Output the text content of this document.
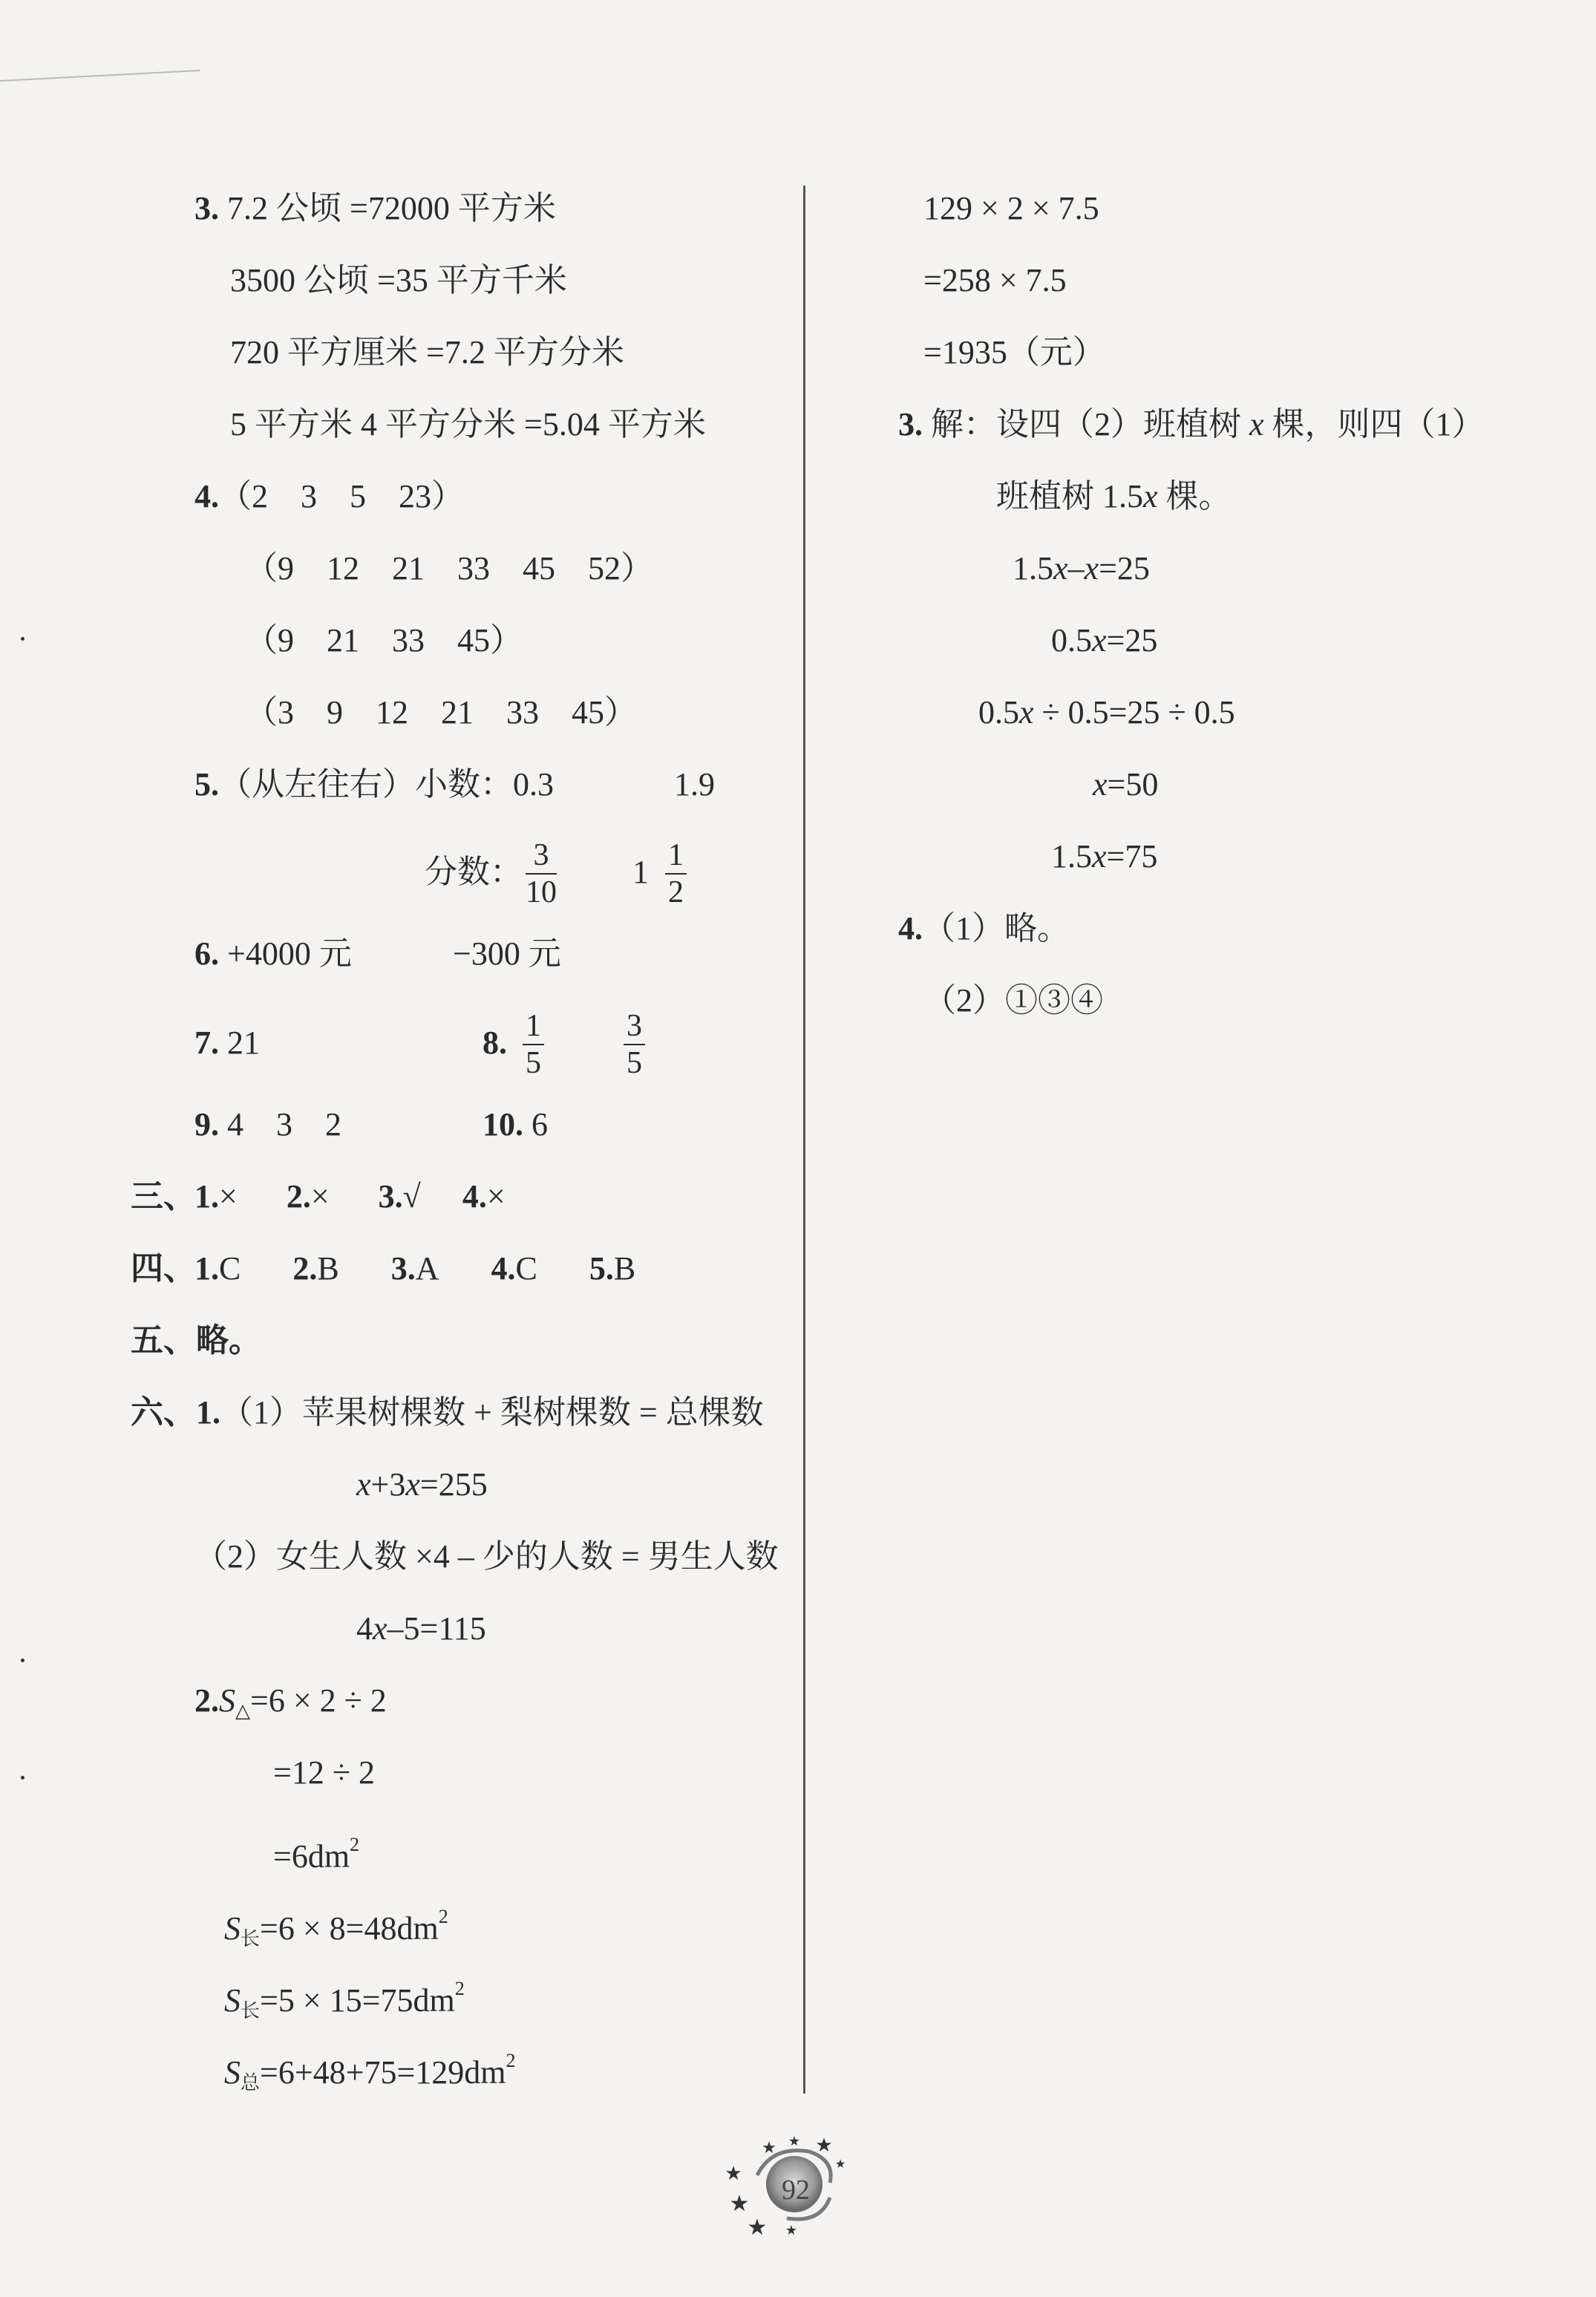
3. 7.2 公顷 =72000 平方米
3500 公顷 =35 平方千米
720 平方厘米 =7.2 平方分米
5 平方米 4 平方分米 =5.04 平方米
4.（2　3　5　23）
（9　12　21　33　45　52）
（9　21　33　45）
（3　9　12　21　33　45）
5.（从左往右）小数：0.3	1.9
分数： $\frac{3}{10} 1 \frac{1}{2}$
6. +4000 元	−300 元
7. 21	8. $\frac{1}{5}$	$\frac{3}{5}$
9. 4　3　2	10. 6
三、
1.× 2.× 3.√ 4.×
四、
1.C 2.B 3.A 4.C 5.B
五、略。
六、1.（1）苹果树棵数 + 梨树棵数 = 总棵数
x+3x=255
（2）女生人数 ×4 – 少的人数 = 男生人数
4x–5=115
$2.S_\triangle=6 \times 2 \div 2$
=12 ÷ 2
$=6dm^2$
$S_长=6 \times 8=48dm^2$
$S_长=5 \times 15=75dm^2$
$S_总=6+48+75=129dm^2$
129 × 2 × 7.5
=258 × 7.5
=1935（元）
3. 解：设四（2）班植树 x 棵，则四（1）
班植树 1.5x 棵。
1.5x–x=25
0.5x=25
0.5x ÷ 0.5=25 ÷ 0.5
x=50
1.5x=75
4.（1）略。
（2）①③④
★
★ ★
★
★
★
★ ★
92
